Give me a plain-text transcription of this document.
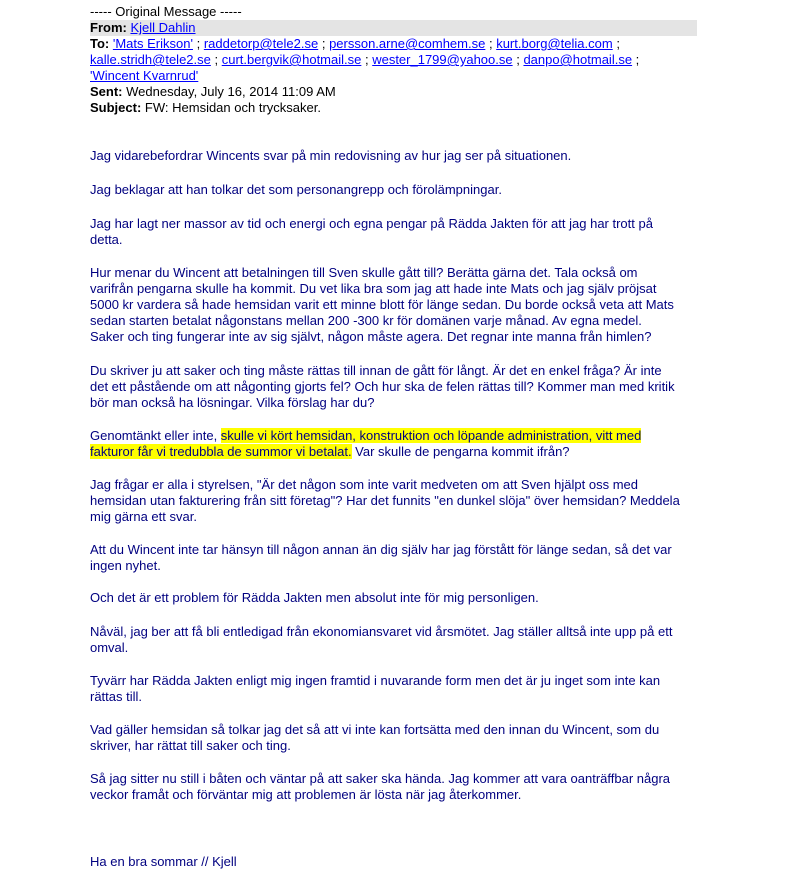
----- Original Message -----
From: Kjell Dahlin
To: 'Mats Erikson' ; raddetorp@tele2.se ; persson.arne@comhem.se ; kurt.borg@telia.com ;
kalle.stridh@tele2.se ; curt.bergvik@hotmail.se ; wester_1799@yahoo.se ; danpo@hotmail.se ;
'Wincent Kvarnrud'
Sent: Wednesday, July 16, 2014 11:09 AM
Subject: FW: Hemsidan och trycksaker.
Jag vidarebefordrar Wincents svar på min redovisning av hur jag ser på situationen.
Jag beklagar att han tolkar det som personangrepp och förolämpningar.
Jag har lagt ner massor av tid och energi och egna pengar på Rädda Jakten för att jag har trott på
detta.
Hur menar du Wincent att betalningen till Sven skulle gått till? Berätta gärna det. Tala också om
varifrån pengarna skulle ha kommit. Du vet lika bra som jag att hade inte Mats och jag själv pröjsat
5000 kr vardera så hade hemsidan varit ett minne blott för länge sedan. Du borde också veta att Mats
sedan starten betalat någonstans mellan 200 -300 kr för domänen varje månad. Av egna medel.
Saker och ting fungerar inte av sig självt, någon måste agera. Det regnar inte manna från himlen?
Du skriver ju att saker och ting måste rättas till innan de gått för långt. Är det en enkel fråga? Är inte
det ett påstående om att någonting gjorts fel? Och hur ska de felen rättas till? Kommer man med kritik
bör man också ha lösningar. Vilka förslag har du?
Genomtänkt eller inte, skulle vi kört hemsidan, konstruktion och löpande administration, vitt med
fakturor får vi tredubbla de summor vi betalat. Var skulle de pengarna kommit ifrån?
Jag frågar er alla i styrelsen, "Är det någon som inte varit medveten om att Sven hjälpt oss med
hemsidan utan fakturering från sitt företag"? Har det funnits "en dunkel slöja" över hemsidan? Meddela
mig gärna ett svar.
Att du Wincent inte tar hänsyn till någon annan än dig själv har jag förstått för länge sedan, så det var
ingen nyhet.
Och det är ett problem för Rädda Jakten men absolut inte för mig personligen.
Nåväl, jag ber att få bli entledigad från ekonomiansvaret vid årsmötet. Jag ställer alltså inte upp på ett
omval.
Tyvärr har Rädda Jakten enligt mig ingen framtid i nuvarande form men det är ju inget som inte kan
rättas till.
Vad gäller hemsidan så tolkar jag det så att vi inte kan fortsätta med den innan du Wincent, som du
skriver, har rättat till saker och ting.
Så jag sitter nu still i båten och väntar på att saker ska hända. Jag kommer att vara oanträffbar några
veckor framåt och förväntar mig att problemen är lösta när jag återkommer.
Ha en bra sommar // Kjell
